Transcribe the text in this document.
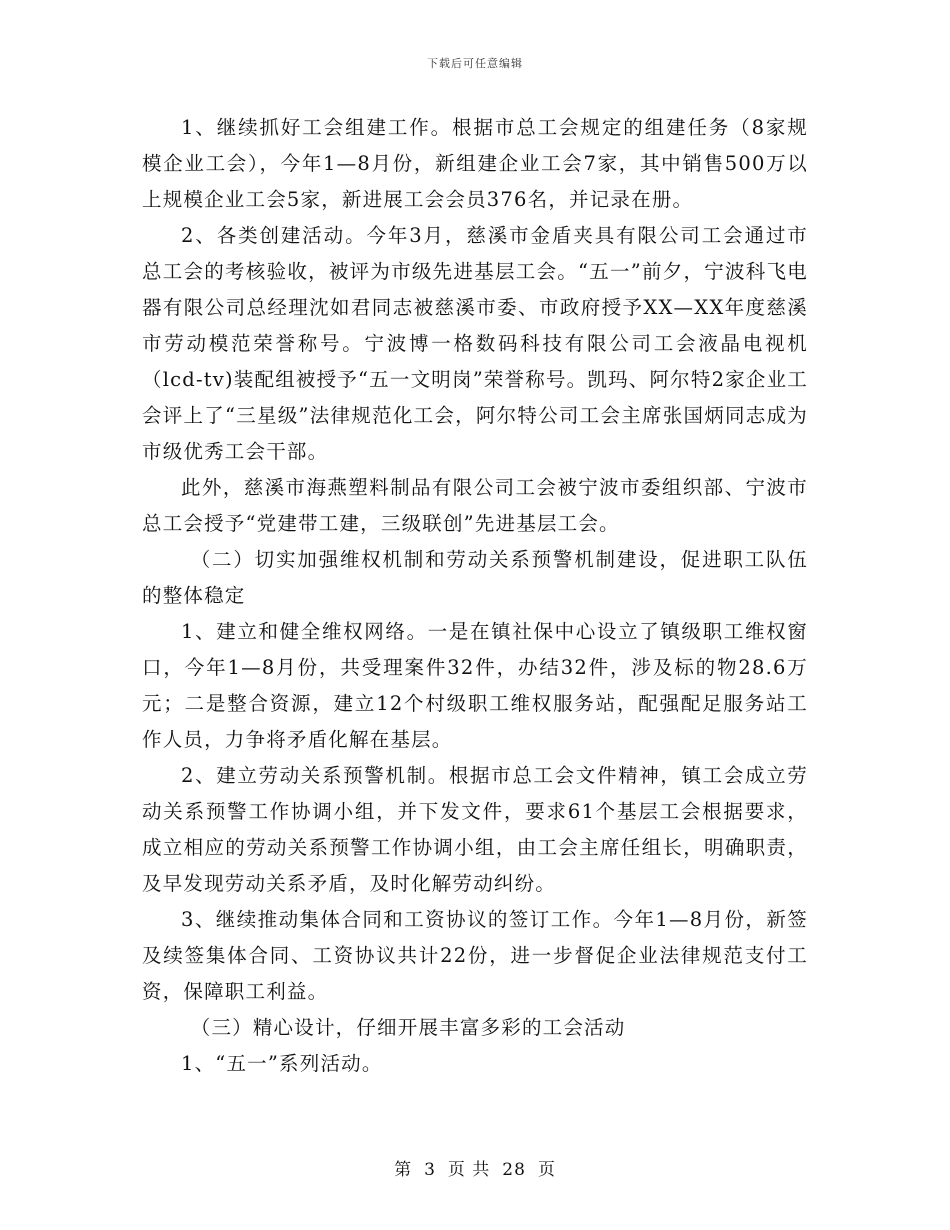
下载后可任意编辑

1、继续抓好工会组建工作。根据市总工会规定的组建任务（8家规模企业工会），今年1—8月份，新组建企业工会7家，其中销售500万以上规模企业工会5家，新进展工会会员376名，并记录在册。

2、各类创建活动。今年3月，慈溪市金盾夹具有限公司工会通过市总工会的考核验收，被评为市级先进基层工会。“五一”前夕，宁波科飞电器有限公司总经理沈如君同志被慈溪市委、市政府授予XX—XX年度慈溪市劳动模范荣誉称号。宁波博一格数码科技有限公司工会液晶电视机（lcd-tv)装配组被授予“五一文明岗”荣誉称号。凯玛、阿尔特2家企业工会评上了“三星级”法律规范化工会，阿尔特公司工会主席张国炳同志成为市级优秀工会干部。

此外，慈溪市海燕塑料制品有限公司工会被宁波市委组织部、宁波市总工会授予“党建带工建，三级联创”先进基层工会。

（二）切实加强维权机制和劳动关系预警机制建设，促进职工队伍的整体稳定

1、建立和健全维权网络。一是在镇社保中心设立了镇级职工维权窗口，今年1—8月份，共受理案件32件，办结32件，涉及标的物28.6万元；二是整合资源，建立12个村级职工维权服务站，配强配足服务站工作人员，力争将矛盾化解在基层。

2、建立劳动关系预警机制。根据市总工会文件精神，镇工会成立劳动关系预警工作协调小组，并下发文件，要求61个基层工会根据要求，成立相应的劳动关系预警工作协调小组，由工会主席任组长，明确职责，及早发现劳动关系矛盾，及时化解劳动纠纷。

3、继续推动集体合同和工资协议的签订工作。今年1—8月份，新签及续签集体合同、工资协议共计22份，进一步督促企业法律规范支付工资，保障职工利益。

（三）精心设计，仔细开展丰富多彩的工会活动

1、“五一”系列活动。

第 3 页 共 28 页
